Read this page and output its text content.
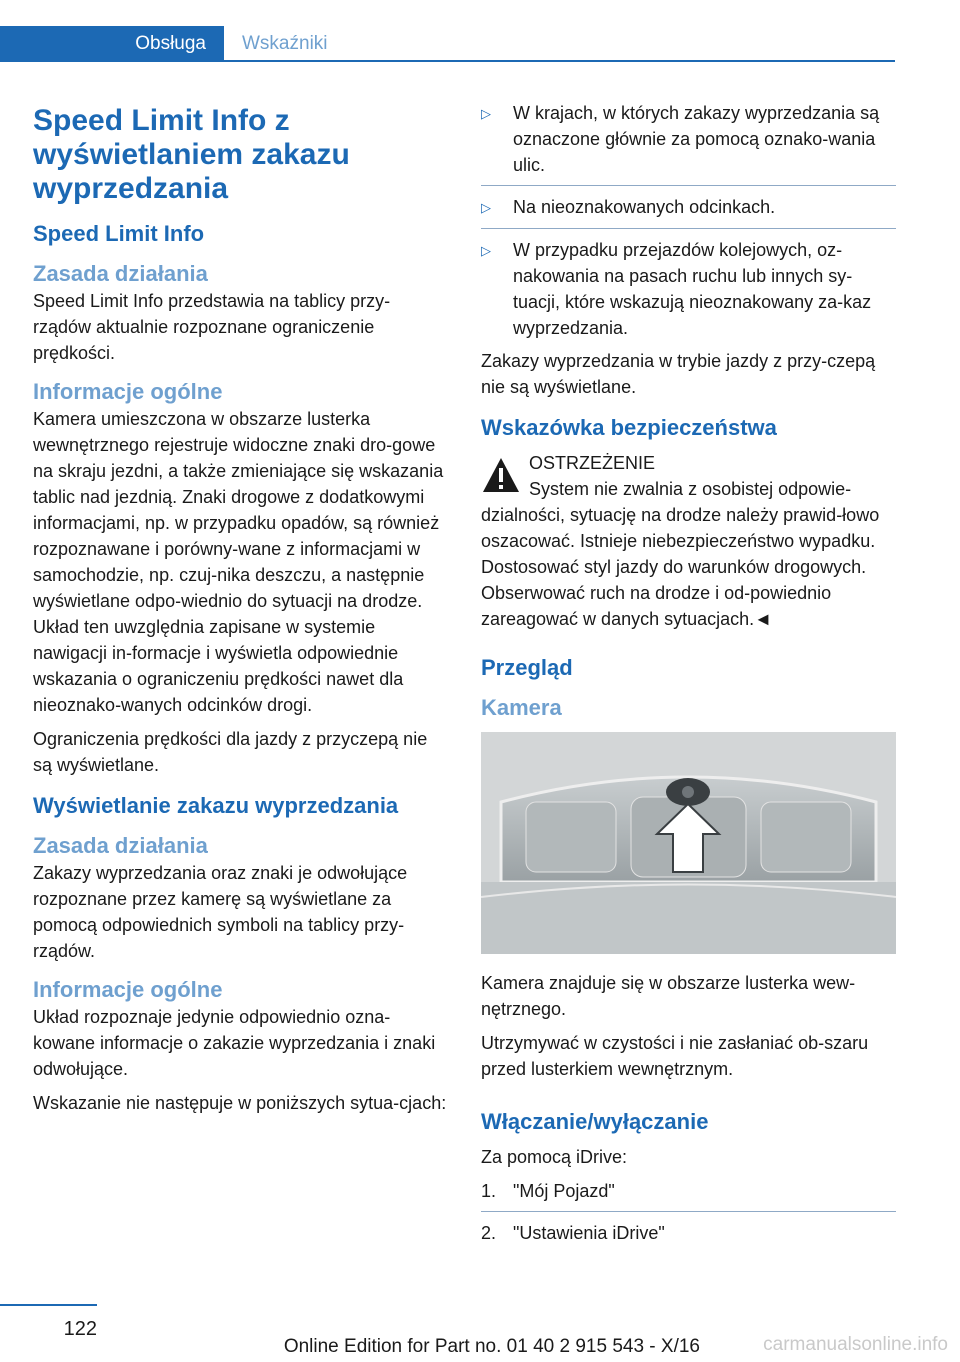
Obsługa	Wskaźniki
Speed Limit Info z wyświetlaniem zakazu wyprzedzania
Speed Limit Info
Zasada działania

Speed Limit Info przedstawia na tablicy przy-rządów aktualnie rozpoznane ograniczenie prędkości.

Informacje ogólne

Kamera umieszczona w obszarze lusterka wewnętrznego rejestruje widoczne znaki dro-gowe na skraju jezdni, a także zmieniające się wskazania tablic nad jezdnią. Znaki drogowe z dodatkowymi informacjami, np. w przypadku opadów, są również rozpoznawane i porówny-wane z informacjami w samochodzie, np. czuj-nika deszczu, a następnie wyświetlane odpo-wiednio do sytuacji na drodze. Układ ten uwzględnia zapisane w systemie nawigacji in-formacje i wyświetla odpowiednie wskazania o ograniczeniu prędkości nawet dla nieoznako-wanych odcinków drogi.

Ograniczenia prędkości dla jazdy z przyczepą nie są wyświetlane.

Wyświetlanie zakazu wyprzedzania
Zasada działania

Zakazy wyprzedzania oraz znaki je odwołujące rozpoznane przez kamerę są wyświetlane za pomocą odpowiednich symboli na tablicy przy-rządów.

Informacje ogólne

Układ rozpoznaje jedynie odpowiednio ozna-kowane informacje o zakazie wyprzedzania i znaki odwołujące.

Wskazanie nie następuje w poniższych sytua-cjach:

▷	W krajach, w których zakazy wyprzedzania są oznaczone głównie za pomocą oznako-wania ulic.
▷	Na nieoznakowanych odcinkach.
▷	W przypadku przejazdów kolejowych, oz-nakowania na pasach ruchu lub innych sy-tuacji, które wskazują nieoznakowany za-kaz wyprzedzania.

Zakazy wyprzedzania w trybie jazdy z przy-czepą nie są wyświetlane.

Wskazówka bezpieczeństwa

OSTRZEŻENIE

System nie zwalnia z osobistej odpowie-dzialności, sytuację na drodze należy prawid-łowo oszacować. Istnieje niebezpieczeństwo wypadku. Dostosować styl jazdy do warunków drogowych. Obserwować ruch na drodze i od-powiednio zareagować w danych sytuacjach.◄

Przegląd
Kamera

Kamera znajduje się w obszarze lusterka wew-nętrznego.

Utrzymywać w czystości i nie zasłaniać ob-szaru przed lusterkiem wewnętrznym.

Włączanie/wyłączanie

Za pomocą iDrive:

1. "Mój Pojazd"
2. "Ustawienia iDrive"
122
Online Edition for Part no. 01 40 2 915 543 - X/16	carmanualsonline.info
